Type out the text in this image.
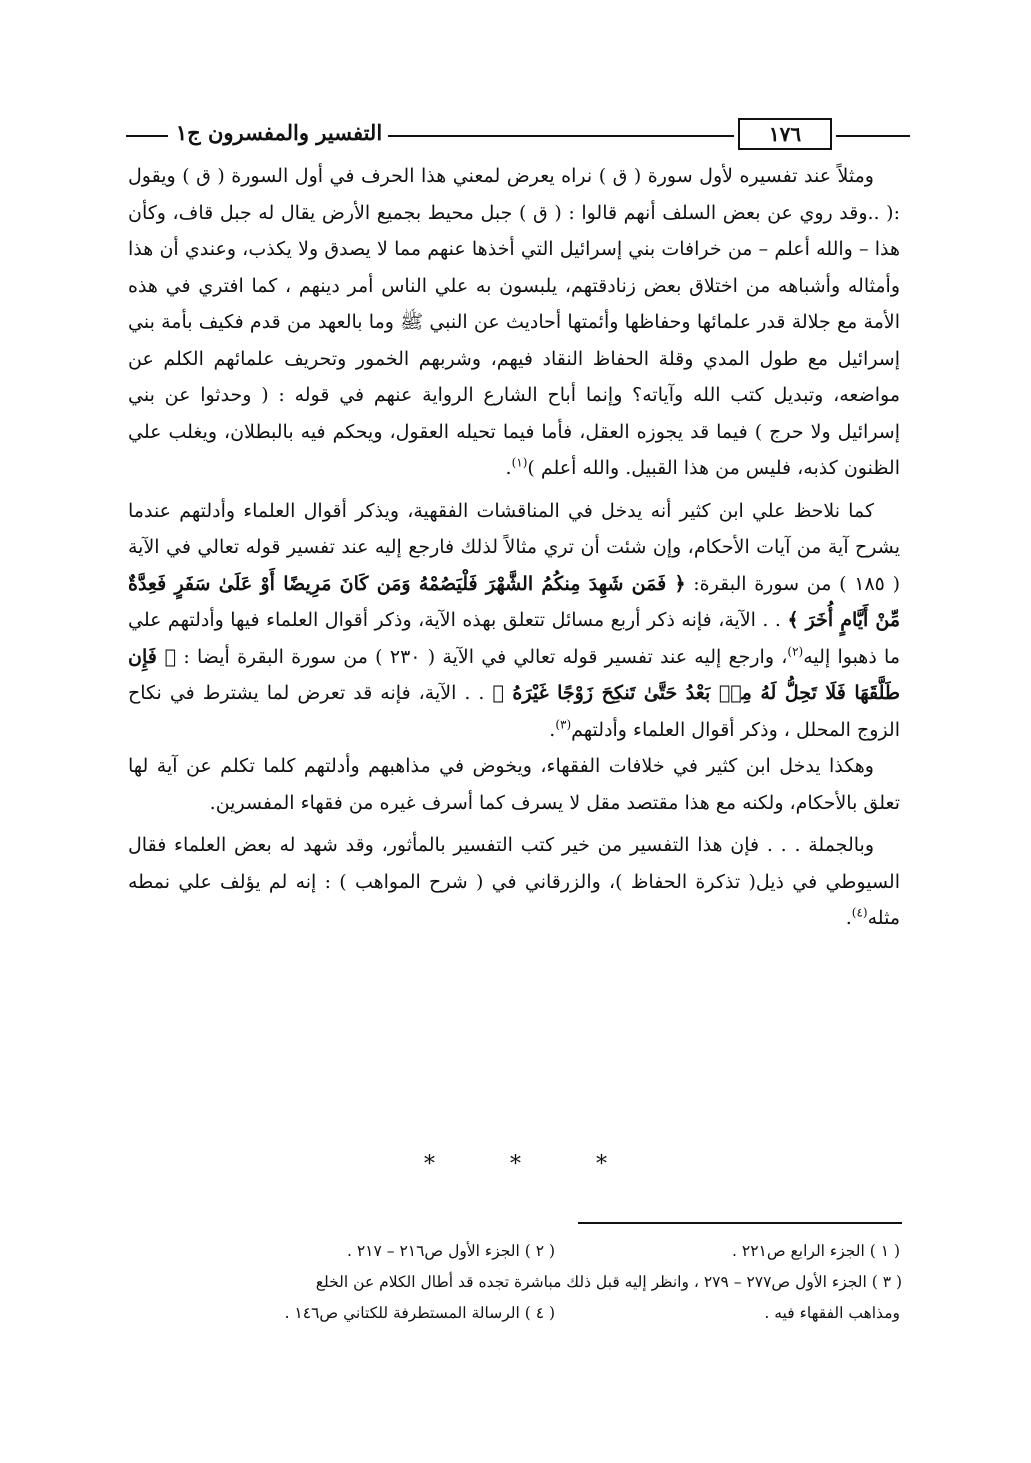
التفسير والمفسرون ج١	١٧٦

ومثلاً عند تفسيره لأول سورة ( ق ) نراه يعرض لمعني هذا الحرف في أول السورة ( ق ) ويقول :( ..وقد روي عن بعض السلف أنهم قالوا : ( ق ) جبل محيط بجميع الأرض يقال له جبل قاف، وكأن هذا – والله أعلم – من خرافات بني إسرائيل التي أخذها عنهم مما لا يصدق ولا يكذب، وعندي أن هذا وأمثاله وأشباهه من اختلاق بعض زنادقتهم، يلبسون به علي الناس أمر دينهم ، كما افتري في هذه الأمة مع جلالة قدر علمائها وحفاظها وأئمتها أحاديث عن النبي ﷺ وما بالعهد من قدم فكيف بأمة بني إسرائيل مع طول المدي وقلة الحفاظ النقاد فيهم، وشربهم الخمور وتحريف علمائهم الكلم عن مواضعه، وتبديل كتب الله وآياته؟ وإنما أباح الشارع الرواية عنهم في قوله : ( وحدثوا عن بني إسرائيل ولا حرج ) فيما قد يجوزه العقل، فأما فيما تحيله العقول، ويحكم فيه بالبطلان، ويغلب علي الظنون كذبه، فليس من هذا القبيل. والله أعلم )$^{(١)}$.

كما نلاحظ علي ابن كثير أنه يدخل في المناقشات الفقهية، ويذكر أقوال العلماء وأدلتهم عندما يشرح آية من آيات الأحكام، وإن شئت أن تري مثالاً لذلك فارجع إليه عند تفسير قوله تعالي في الآية ( ١٨٥ ) من سورة البقرة: ﴿ فَمَن شَهِدَ مِنكُمُ الشَّهْرَ فَلْيَصُمْهُ وَمَن كَانَ مَرِيضًا أَوْ عَلَىٰ سَفَرٍ فَعِدَّةٌ مِّنْ أَيَّامٍ أُخَرَ ﴾ . . الآية، فإنه ذكر أربع مسائل تتعلق بهذه الآية، وذكر أقوال العلماء فيها وأدلتهم علي ما ذهبوا إليه$^{(٢)}$، وارجع إليه عند تفسير قوله تعالي في الآية ( ٢٣٠ ) من سورة البقرة أيضا : ﴿ فَإِن طَلَّقَهَا فَلَا تَحِلُّ لَهُ مِنۢ بَعْدُ حَتَّىٰ تَنكِحَ زَوْجًا غَيْرَهُ ﴾ . . الآية، فإنه قد تعرض لما يشترط في نكاح الزوج المحلل ، وذكر أقوال العلماء وأدلتهم$^{(٣)}$.

وهكذا يدخل ابن كثير في خلافات الفقهاء، ويخوض في مذاهبهم وأدلتهم كلما تكلم عن آية لها تعلق بالأحكام، ولكنه مع هذا مقتصد مقل لا يسرف كما أسرف غيره من فقهاء المفسرين.

وبالجملة . . . فإن هذا التفسير من خير كتب التفسير بالمأثور، وقد شهد له بعض العلماء فقال السيوطي في ذيل( تذكرة الحفاظ )، والزرقاني في ( شرح المواهب ) : إنه لم يؤلف علي نمطه مثله$^{(٤)}$.

* * *
( ١ ) الجزء الرابع ص٢٢١ .
( ٢ ) الجزء الأول ص٢١٦ – ٢١٧ .
( ٣ ) الجزء الأول ص٢٧٧ – ٢٧٩ ، وانظر إليه قبل ذلك مباشرة تجده قد أطال الكلام عن الخلع
ومذاهب الفقهاء فيه .
( ٤ ) الرسالة المستطرفة للكتاني ص١٤٦ .
